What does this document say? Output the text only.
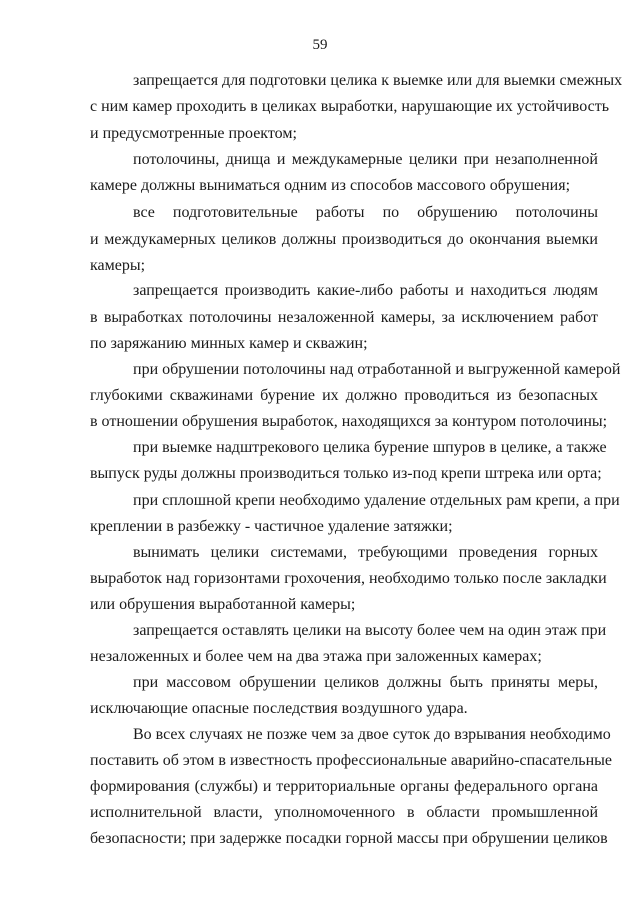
59
запрещается для подготовки целика к выемке или для выемки смежных
с ним камер проходить в целиках выработки, нарушающие их устойчивость
и предусмотренные проектом;
потолочины, днища и междукамерные целики при незаполненной
камере должны выниматься одним из способов массового обрушения;
все подготовительные работы по обрушению потолочины
и междукамерных целиков должны производиться до окончания выемки
камеры;
запрещается производить какие-либо работы и находиться людям
в выработках потолочины незаложенной камеры, за исключением работ
по заряжанию минных камер и скважин;
при обрушении потолочины над отработанной и выгруженной камерой
глубокими скважинами бурение их должно проводиться из безопасных
в отношении обрушения выработок, находящихся за контуром потолочины;
при выемке надштрекового целика бурение шпуров в целике, а также
выпуск руды должны производиться только из-под крепи штрека или орта;
при сплошной крепи необходимо удаление отдельных рам крепи, а при
креплении в разбежку - частичное удаление затяжки;
вынимать целики системами, требующими проведения горных
выработок над горизонтами грохочения, необходимо только после закладки
или обрушения выработанной камеры;
запрещается оставлять целики на высоту более чем на один этаж при
незаложенных и более чем на два этажа при заложенных камерах;
при массовом обрушении целиков должны быть приняты меры,
исключающие опасные последствия воздушного удара.
Во всех случаях не позже чем за двое суток до взрывания необходимо
поставить об этом в известность профессиональные аварийно-спасательные
формирования (службы) и территориальные органы федерального органа
исполнительной власти, уполномоченного в области промышленной
безопасности; при задержке посадки горной массы при обрушении целиков
